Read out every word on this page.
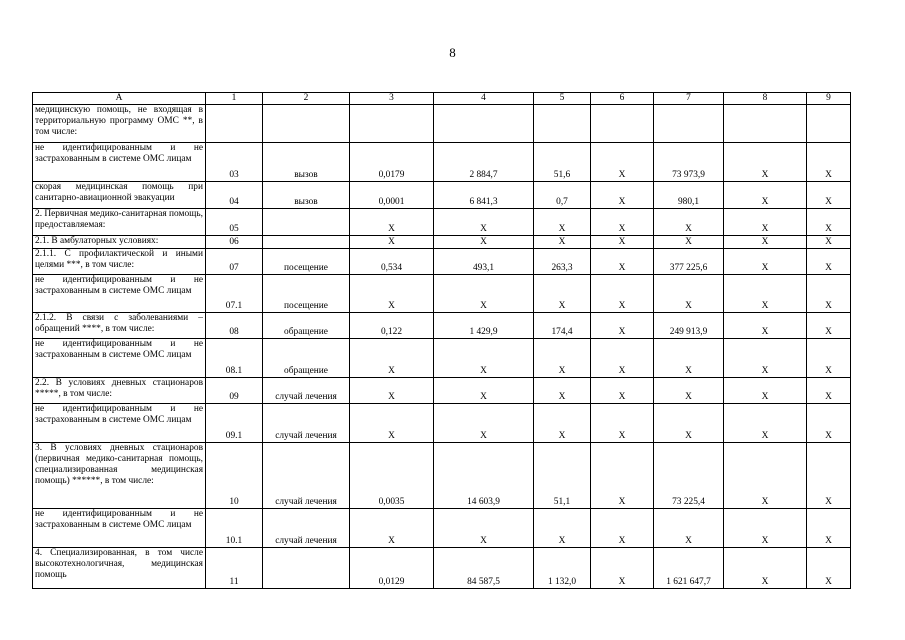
8
А	1	2	3	4	5	6	7	8	9
медицинскую помощь, не входящая в территориальную программу ОМС **, в том числе:									
не идентифицированным и не застрахованным в системе ОМС лицам	03	вызов	0,0179	2 884,7	51,6	Х	73 973,9	Х	Х
скорая медицинская помощь при санитарно-авиационной эвакуации	04	вызов	0,0001	6 841,3	0,7	Х	980,1	Х	Х
2. Первичная медико-санитарная помощь, предоставляемая:	05		Х	Х	Х	Х	Х	Х	Х
2.1. В амбулаторных условиях:	06		Х	Х	Х	Х	Х	Х	Х
2.1.1. С профилактической и иными целями ***, в том числе:	07	посещение	0,534	493,1	263,3	Х	377 225,6	Х	Х
не идентифицированным и не застрахованным в системе ОМС лицам	07.1	посещение	Х	Х	Х	Х	Х	Х	Х
2.1.2. В связи с заболеваниями – обращений ****, в том числе:	08	обращение	0,122	1 429,9	174,4	Х	249 913,9	Х	Х
не идентифицированным и не застрахованным в системе ОМС лицам	08.1	обращение	Х	Х	Х	Х	Х	Х	Х
2.2. В условиях дневных стационаров *****, в том числе:	09	случай лечения	Х	Х	Х	Х	Х	Х	Х
не идентифицированным и не застрахованным в системе ОМС лицам	09.1	случай лечения	Х	Х	Х	Х	Х	Х	Х
3. В условиях дневных стационаров (первичная медико-санитарная помощь, специализированная медицинская помощь) ******, в том числе:	10	случай лечения	0,0035	14 603,9	51,1	Х	73 225,4	Х	Х
не идентифицированным и не застрахованным в системе ОМС лицам	10.1	случай лечения	Х	Х	Х	Х	Х	Х	Х
4. Специализированная, в том числе высокотехнологичная, медицинская помощь	11		0,0129	84 587,5	1 132,0	Х	1 621 647,7	Х	Х
